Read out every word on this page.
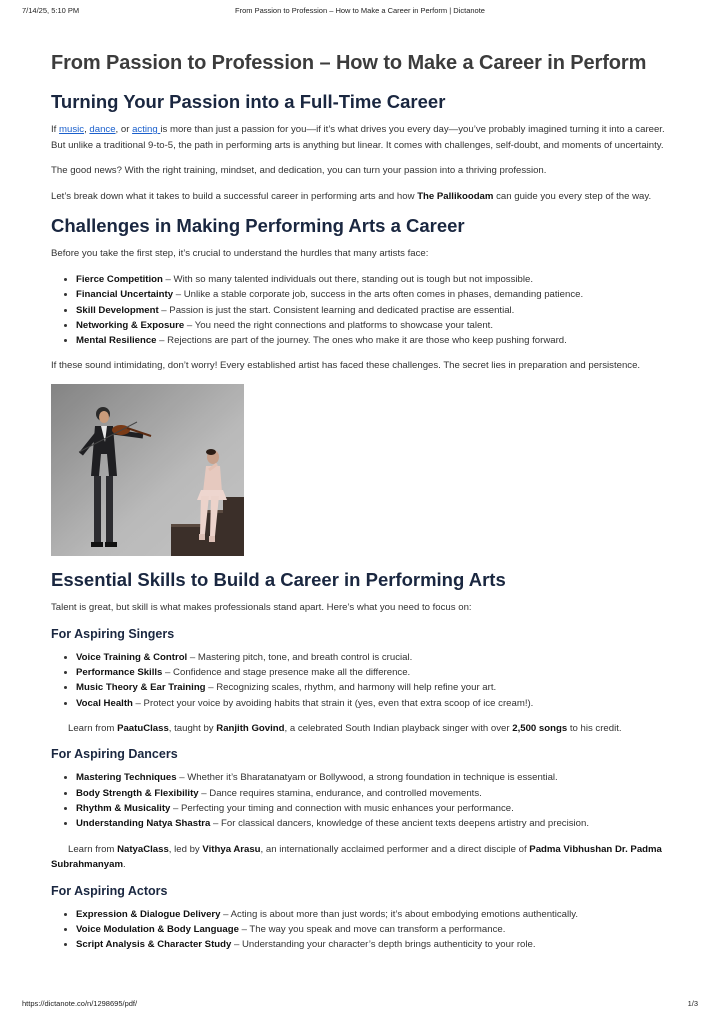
7/14/25, 5:10 PM	From Passion to Profession – How to Make a Career in Perform | Dictanote
From Passion to Profession – How to Make a Career in Perform
Turning Your Passion into a Full-Time Career

If music, dance, or acting is more than just a passion for you—if it’s what drives you every day—you’ve probably imagined turning it into a career. But unlike a traditional 9-to-5, the path in performing arts is anything but linear. It comes with challenges, self-doubt, and moments of uncertainty.

The good news? With the right training, mindset, and dedication, you can turn your passion into a thriving profession.

Let’s break down what it takes to build a successful career in performing arts and how The Pallikoodam can guide you every step of the way.

Challenges in Making Performing Arts a Career

Before you take the first step, it’s crucial to understand the hurdles that many artists face:

• Fierce Competition – With so many talented individuals out there, standing out is tough but not impossible.
• Financial Uncertainty – Unlike a stable corporate job, success in the arts often comes in phases, demanding patience.
• Skill Development – Passion is just the start. Consistent learning and dedicated practise are essential.
• Networking & Exposure – You need the right connections and platforms to showcase your talent.
• Mental Resilience – Rejections are part of the journey. The ones who make it are those who keep pushing forward.

If these sound intimidating, don’t worry! Every established artist has faced these challenges. The secret lies in preparation and persistence.

Essential Skills to Build a Career in Performing Arts

Talent is great, but skill is what makes professionals stand apart. Here’s what you need to focus on:

For Aspiring Singers
• Voice Training & Control – Mastering pitch, tone, and breath control is crucial.
• Performance Skills – Confidence and stage presence make all the difference.
• Music Theory & Ear Training – Recognizing scales, rhythm, and harmony will help refine your art.
• Vocal Health – Protect your voice by avoiding habits that strain it (yes, even that extra scoop of ice cream!).

Learn from PaatuClass, taught by Ranjith Govind, a celebrated South Indian playback singer with over 2,500 songs to his credit.

For Aspiring Dancers
• Mastering Techniques – Whether it’s Bharatanatyam or Bollywood, a strong foundation in technique is essential.
• Body Strength & Flexibility – Dance requires stamina, endurance, and controlled movements.
• Rhythm & Musicality – Perfecting your timing and connection with music enhances your performance.
• Understanding Natya Shastra – For classical dancers, knowledge of these ancient texts deepens artistry and precision.

Learn from NatyaClass, led by Vithya Arasu, an internationally acclaimed performer and a direct disciple of Padma Vibhushan Dr. Padma Subrahmanyam.

For Aspiring Actors
• Expression & Dialogue Delivery – Acting is about more than just words; it’s about embodying emotions authentically.
• Voice Modulation & Body Language – The way you speak and move can transform a performance.
• Script Analysis & Character Study – Understanding your character’s depth brings authenticity to your role.
https://dictanote.co/n/1298695/pdf/	1/3
